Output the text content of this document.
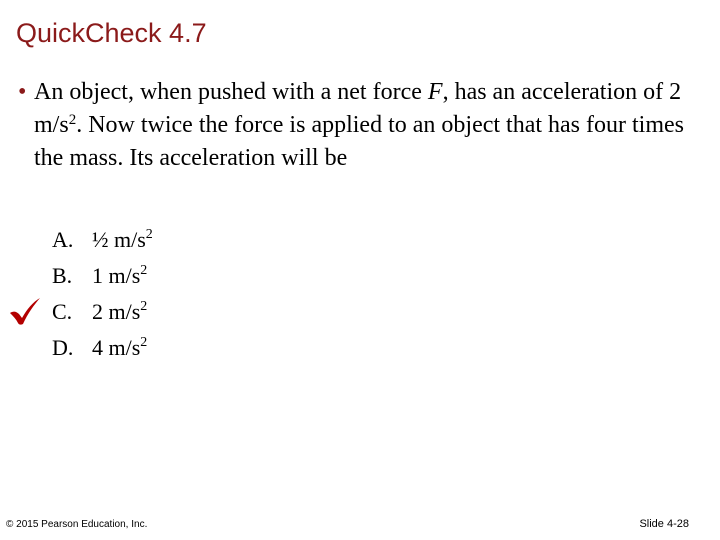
QuickCheck 4.7
• An object, when pushed with a net force F, has an acceleration of 2 $m/s^2$. Now twice the force is applied to an object that has four times the mass. Its acceleration will be
A. ½ $m/s^2$
B. 1 $m/s^2$
C. 2 $m/s^2$
D. 4 $m/s^2$
© 2015 Pearson Education, Inc.	Slide 4-28
